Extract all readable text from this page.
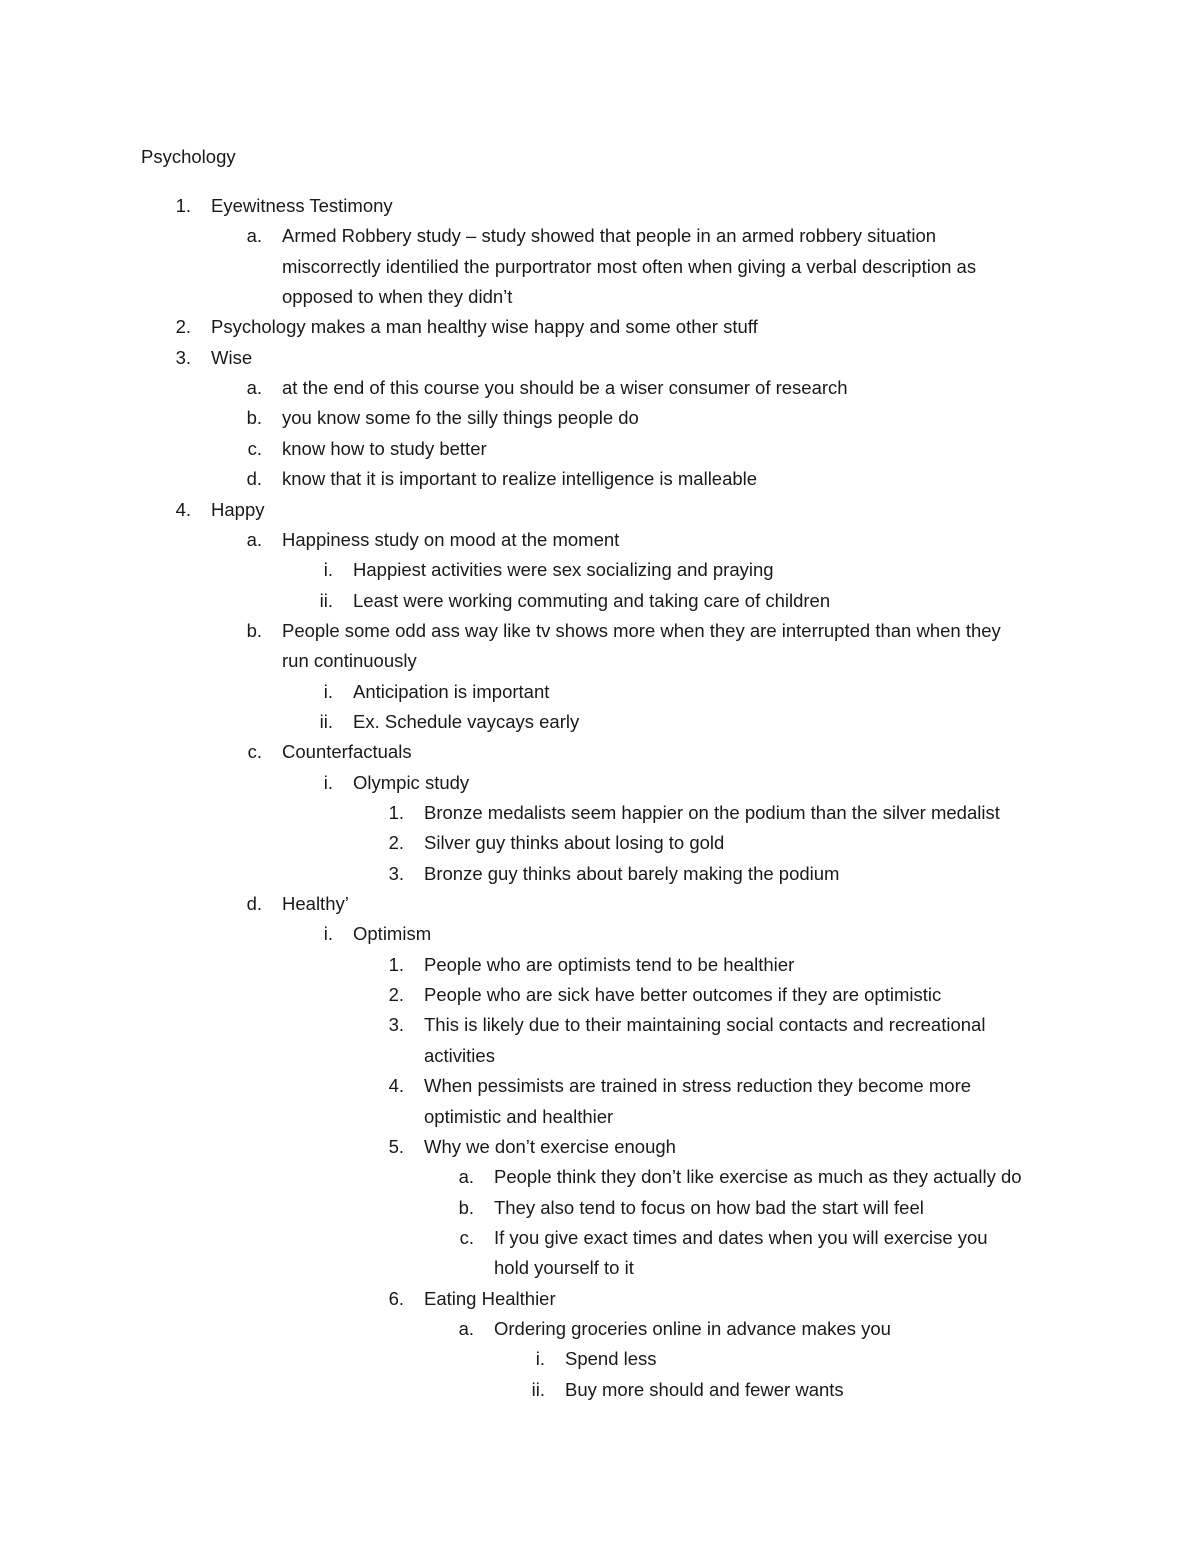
Psychology
1. Eyewitness Testimony
a. Armed Robbery study – study showed that people in an armed robbery situation
miscorrectly identilied the purportrator most often when giving a verbal description as
opposed to when they didn’t
2. Psychology makes a man healthy wise happy and some other stuff
3. Wise
a. at the end of this course you should be a wiser consumer of research
b. you know some fo the silly things people do
c. know how to study better
d. know that it is important to realize intelligence is malleable
4. Happy
a. Happiness study on mood at the moment
i. Happiest activities were sex socializing and praying
ii. Least were working commuting and taking care of children
b. People some odd ass way like tv shows more when they are interrupted than when they
run continuously
i. Anticipation is important
ii. Ex. Schedule vaycays early
c. Counterfactuals
i. Olympic study
1. Bronze medalists seem happier on the podium than the silver medalist
2. Silver guy thinks about losing to gold
3. Bronze guy thinks about barely making the podium
d. Healthy’
i. Optimism
1. People who are optimists tend to be healthier
2. People who are sick have better outcomes if they are optimistic
3. This is likely due to their maintaining social contacts and recreational
activities
4. When pessimists are trained in stress reduction they become more
optimistic and healthier
5. Why we don’t exercise enough
a. People think they don’t like exercise as much as they actually do
b. They also tend to focus on how bad the start will feel
c. If you give exact times and dates when you will exercise you
hold yourself to it
6. Eating Healthier
a. Ordering groceries online in advance makes you
i. Spend less
ii. Buy more should and fewer wants
